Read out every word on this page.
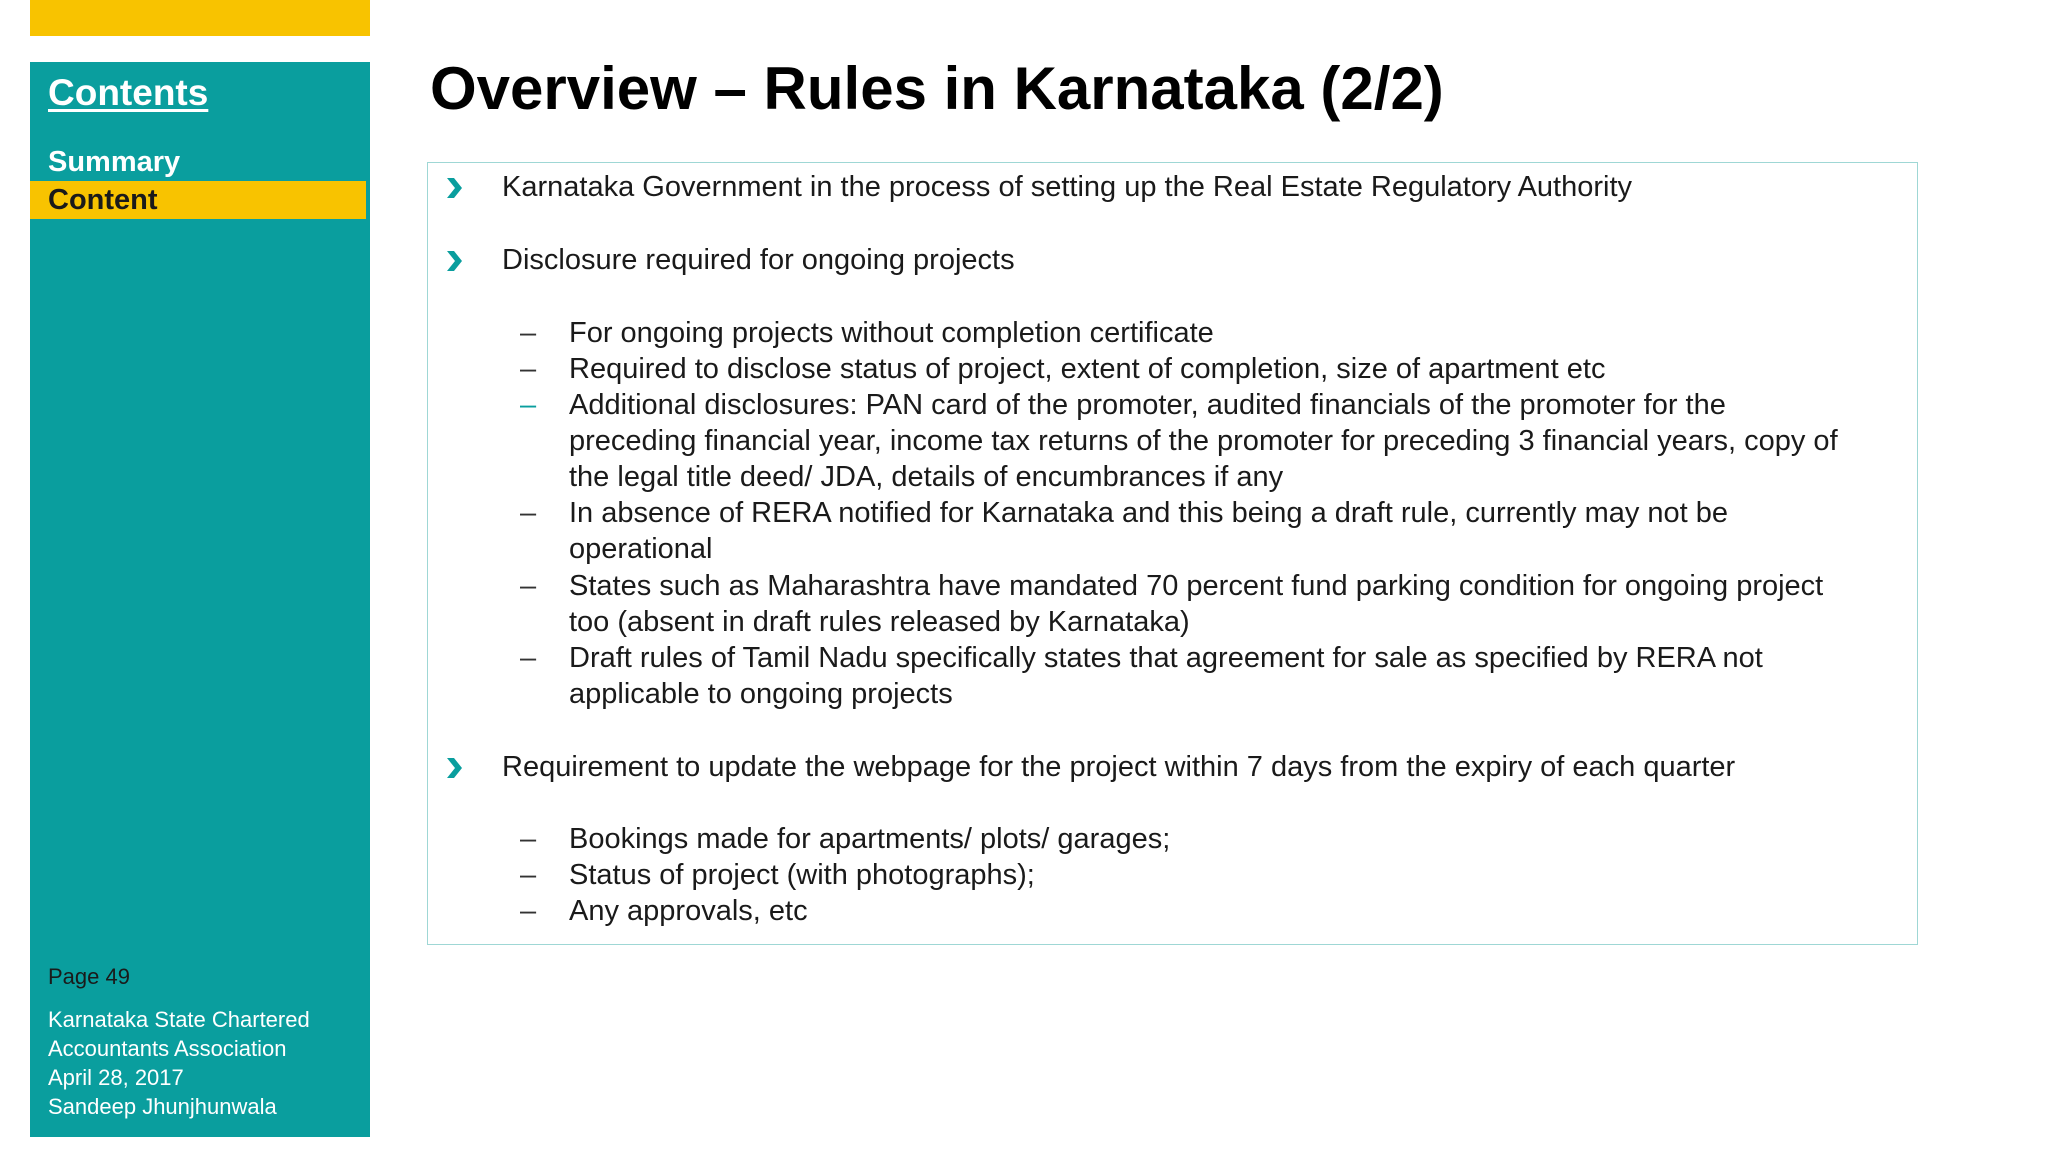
Contents
Summary
Content
Page 49
Karnataka State Chartered
Accountants Association
April 28, 2017
Sandeep Jhunjhunwala
Overview – Rules in Karnataka (2/2)
Karnataka Government in the process of setting up the Real Estate Regulatory Authority
Disclosure required for ongoing projects
– For ongoing projects without completion certificate
– Required to disclose status of project, extent of completion, size of apartment etc
– Additional disclosures: PAN card of the promoter, audited financials of the promoter for the
preceding financial year, income tax returns of the promoter for preceding 3 financial years, copy of
the legal title deed/ JDA, details of encumbrances if any
– In absence of RERA notified for Karnataka and this being a draft rule, currently may not be
operational
– States such as Maharashtra have mandated 70 percent fund parking condition for ongoing project
too (absent in draft rules released by Karnataka)
– Draft rules of Tamil Nadu specifically states that agreement for sale as specified by RERA not
applicable to ongoing projects
Requirement to update the webpage for the project within 7 days from the expiry of each quarter
– Bookings made for apartments/ plots/ garages;
– Status of project (with photographs);
– Any approvals, etc
